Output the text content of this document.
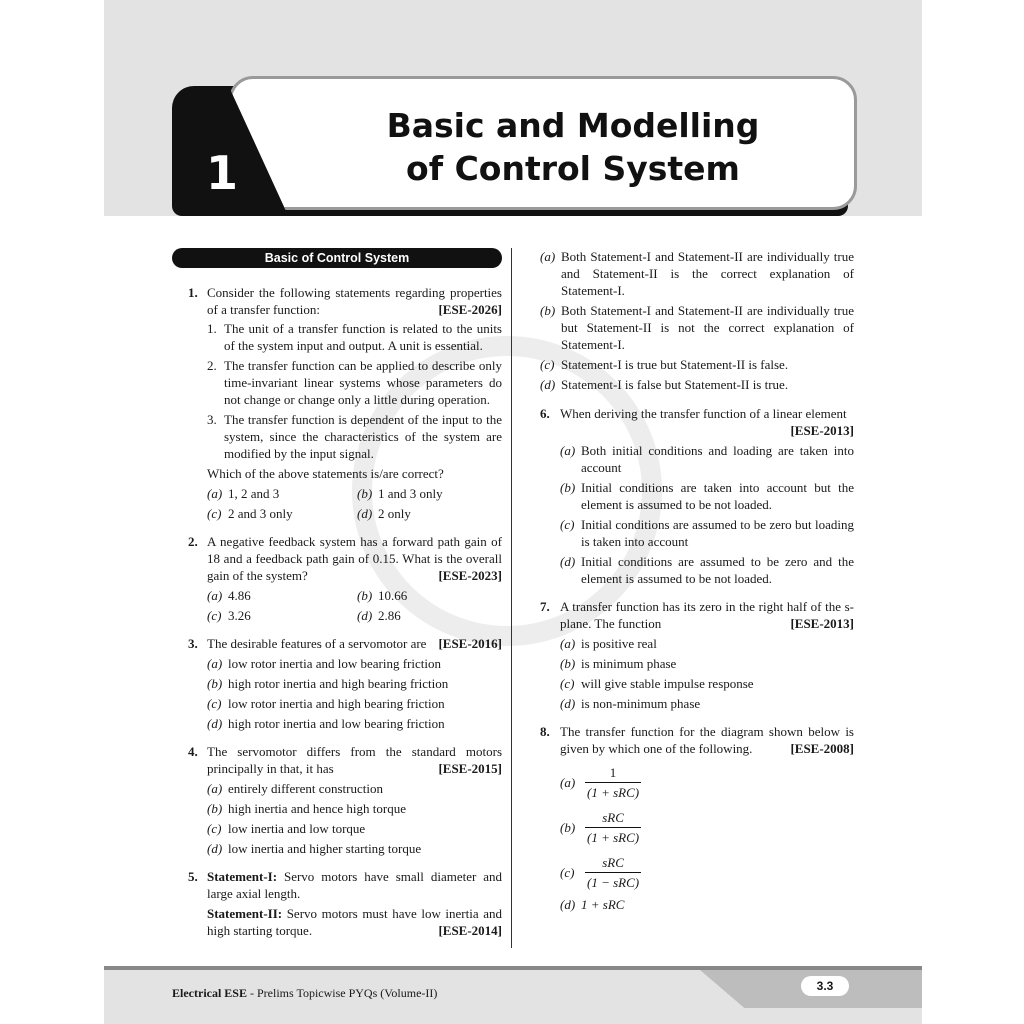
1
Basic and Modelling
of Control System
Basic of Control System
1. Consider the following statements regarding properties of a transfer function:	[ESE-2026]
1. The unit of a transfer function is related to the units of the system input and output. A unit is essential.
2. The transfer function can be applied to describe only time-invariant linear systems whose parameters do not change or change only a little during operation.
3. The transfer function is dependent of the input to the system, since the characteristics of the system are modified by the input signal.
Which of the above statements is/are correct?
(a) 1, 2 and 3	(b) 1 and 3 only
(c) 2 and 3 only	(d) 2 only
2. A negative feedback system has a forward path gain of 18 and a feedback path gain of 0.15. What is the overall gain of the system?	[ESE-2023]
(a) 4.86	(b) 10.66
(c) 3.26	(d) 2.86
3. The desirable features of a servomotor are [ESE-2016]
(a) low rotor inertia and low bearing friction
(b) high rotor inertia and high bearing friction
(c) low rotor inertia and high bearing friction
(d) high rotor inertia and low bearing friction
4. The servomotor differs from the standard motors principally in that, it has	[ESE-2015]
(a) entirely different construction
(b) high inertia and hence high torque
(c) low inertia and low torque
(d) low inertia and higher starting torque
5. Statement-I: Servo motors have small diameter and large axial length.
Statement-II: Servo motors must have low inertia and high starting torque.	[ESE-2014]
(a) Both Statement-I and Statement-II are individually true and Statement-II is the correct explanation of Statement-I.
(b) Both Statement-I and Statement-II are individually true but Statement-II is not the correct explanation of Statement-I.
(c) Statement-I is true but Statement-II is false.
(d) Statement-I is false but Statement-II is true.
6. When deriving the transfer function of a linear element
[ESE-2013]
(a) Both initial conditions and loading are taken into account
(b) Initial conditions are taken into account but the element is assumed to be not loaded.
(c) Initial conditions are assumed to be zero but loading is taken into account
(d) Initial conditions are assumed to be zero and the element is assumed to be not loaded.
7. A transfer function has its zero in the right half of the s-plane. The function	[ESE-2013]
(a) is positive real
(b) is minimum phase
(c) will give stable impulse response
(d) is non-minimum phase
8. The transfer function for the diagram shown below is given by which one of the following.	[ESE-2008]
$(a) \frac{1}{\text{(1 + sRC)}}$
$(b) \frac{\text{sRC}}{\text{(1 + sRC)}}$
$(c) \frac{\text{sRC}}{\text{(1 − sRC)}}$
(d) 1 + sRC
Electrical ESE - Prelims Topicwise PYQs (Volume-II)	3.3
